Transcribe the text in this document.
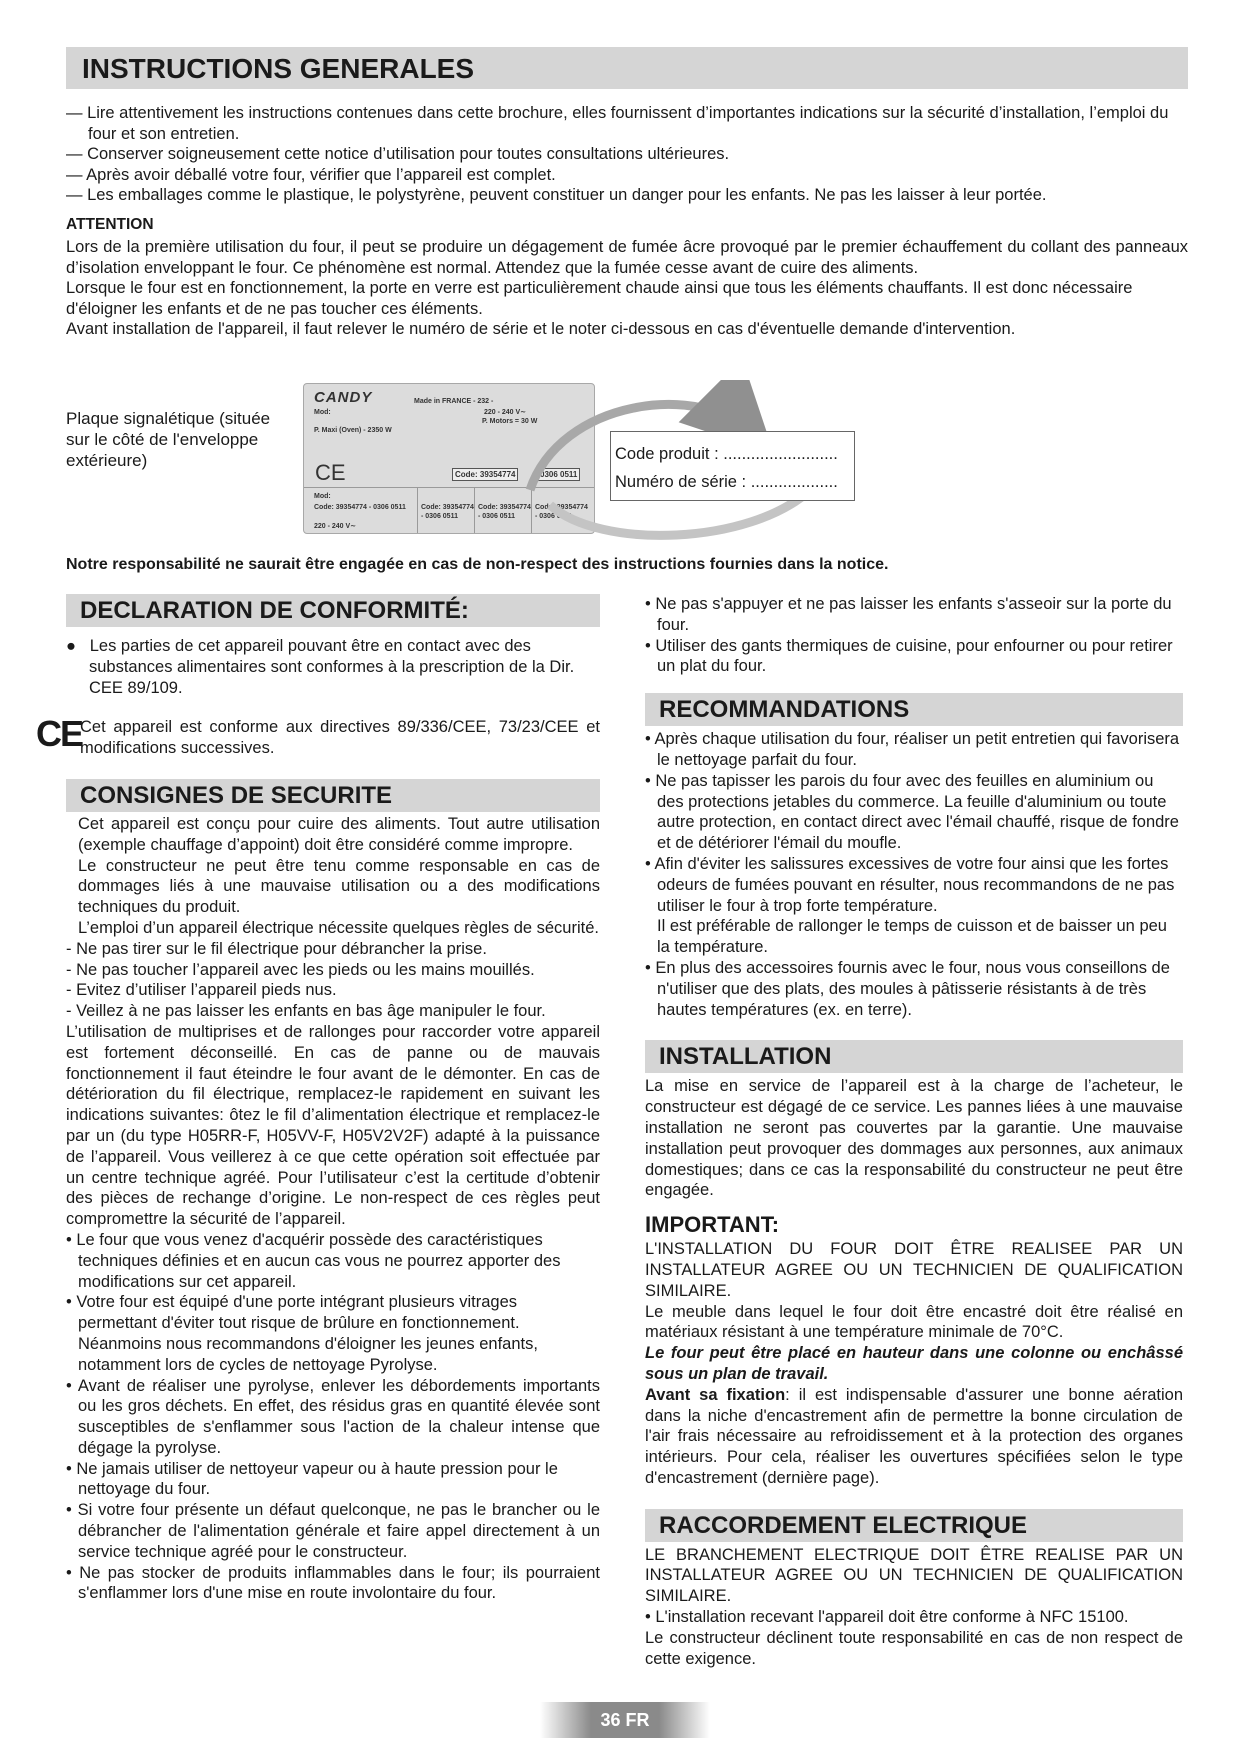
INSTRUCTIONS GENERALES

— Lire attentivement les instructions contenues dans cette brochure, elles fournissent d’importantes indications sur la sécurité d’installation, l’emploi du four et son entretien.

— Conserver soigneusement cette notice d’utilisation pour toutes consultations ultérieures.

— Après avoir déballé votre four, vérifier que l’appareil est complet.

— Les emballages comme le plastique, le polystyrène, peuvent constituer un danger pour les enfants. Ne pas les laisser à leur portée.

ATTENTION

Lors de la première utilisation du four, il peut se produire un dégagement de fumée âcre provoqué par le premier échauffement du collant des panneaux d’isolation enveloppant le four. Ce phénomène est normal. Attendez que la fumée cesse avant de cuire des aliments.

Lorsque le four est en fonctionnement, la porte en verre est particulièrement chaude ainsi que tous les éléments chauffants. Il est donc nécessaire d'éloigner les enfants et de ne pas toucher ces éléments.

Avant installation de l'appareil, il faut relever le numéro de série et le noter ci-dessous en cas d'éventuelle demande d'intervention.

Plaque signalétique (située sur le côté de l'enveloppe extérieure)
CANDY	Made in FRANCE - 232 -
Mod:	220 - 240 V∼
P. Maxi (Oven) - 2350 W
P. Motors = 30 W
CE	Code: 39354774	0306 0511
Mod:
Code: 39354774 - 0306 0511
220 - 240 V∼
Code: 39354774 - 0306 0511
Code: 39354774 - 0306 0511
Code: 39354774 - 0306 0511
Code produit : .........................
Numéro de série : ...................
Notre responsabilité ne saurait être engagée en cas de non-respect des instructions fournies dans la notice.
DECLARATION DE CONFORMITÉ:

●   Les parties de cet appareil pouvant être en contact avec des substances alimentaires sont conformes à la prescription de la Dir. CEE 89/109.

CE

Cet appareil est conforme aux directives 89/336/CEE, 73/23/CEE et modifications successives.

CONSIGNES DE SECURITE

Cet appareil est conçu pour cuire des aliments. Tout autre utilisation (exemple chauffage d’appoint) doit être considéré comme impropre.

Le constructeur ne peut être tenu comme responsable en cas de dommages liés à une mauvaise utilisation ou a des modifications techniques du produit.

L’emploi d’un appareil électrique nécessite quelques règles de sécurité.

- Ne pas tirer sur le fil électrique pour débrancher la prise.

- Ne pas toucher l’appareil avec les pieds ou les mains mouillés.

- Evitez d’utiliser l’appareil pieds nus.

- Veillez à ne pas laisser les enfants en bas âge manipuler le four.

L’utilisation de multiprises et de rallonges pour raccorder votre appareil est fortement déconseillé. En cas de panne ou de mauvais fonctionnement il faut éteindre le four avant de le démonter. En cas de détérioration du fil électrique, remplacez-le rapidement en suivant les indications suivantes: ôtez le fil d’alimentation électrique et remplacez-le par un (du type H05RR-F, H05VV-F, H05V2V2F) adapté à la puissance de l’appareil. Vous veillerez à ce que cette opération soit effectuée par un centre technique agréé. Pour l’utilisateur c’est la certitude d’obtenir des pièces de rechange d’origine. Le non-respect de ces règles peut compromettre la sécurité de l’appareil.

• Le four que vous venez d'acquérir possède des caractéristiques techniques définies et en aucun cas vous ne pourrez apporter des modifications sur cet appareil.

• Votre four est équipé d'une porte intégrant plusieurs vitrages permettant d'éviter tout risque de brûlure en fonctionnement. Néanmoins nous recommandons d'éloigner les jeunes enfants, notamment lors de cycles de nettoyage Pyrolyse.

• Avant de réaliser une pyrolyse, enlever les débordements importants ou les gros déchets. En effet, des résidus gras en quantité élevée sont susceptibles de s'enflammer sous l'action de la chaleur intense que dégage la pyrolyse.

• Ne jamais utiliser de nettoyeur vapeur ou à haute pression pour le nettoyage du four.

• Si votre four présente un défaut quelconque, ne pas le brancher ou le débrancher de l'alimentation générale et faire appel directement à un service technique agréé pour le constructeur.

• Ne pas stocker de produits inflammables dans le four; ils pourraient s'enflammer lors d'une mise en route involontaire du four.

• Ne pas s'appuyer et ne pas laisser les enfants s'asseoir sur la porte du four.

• Utiliser des gants thermiques de cuisine, pour enfourner ou pour retirer un plat du four.

RECOMMANDATIONS

• Après chaque utilisation du four, réaliser un petit entretien qui favorisera le nettoyage parfait du four.

• Ne pas tapisser les parois du four avec des feuilles en aluminium ou des protections jetables du commerce. La feuille d'aluminium ou toute autre protection, en contact direct avec l'émail chauffé, risque de fondre et de détériorer l'émail du moufle.

• Afin d'éviter les salissures excessives de votre four ainsi que les fortes odeurs de fumées pouvant en résulter, nous recommandons de ne pas utiliser le four à trop forte température.

Il est préférable de rallonger le temps de cuisson et de baisser un peu la température.

• En plus des accessoires fournis avec le four, nous vous conseillons de n'utiliser que des plats, des moules à pâtisserie résistants à de très hautes températures (ex. en terre).

INSTALLATION

La mise en service de l’appareil est à la charge de l’acheteur, le constructeur est dégagé de ce service. Les pannes liées à une mauvaise installation ne seront pas couvertes par la garantie. Une mauvaise installation peut provoquer des dommages aux personnes, aux animaux domestiques; dans ce cas la responsabilité du constructeur ne peut être engagée.

IMPORTANT:

L'INSTALLATION DU FOUR DOIT ÊTRE REALISEE PAR UN INSTALLATEUR AGREE OU UN TECHNICIEN DE QUALIFICATION SIMILAIRE.

Le meuble dans lequel le four doit être encastré doit être réalisé en matériaux résistant à une température minimale de 70°C.

Le four peut être placé en hauteur dans une colonne ou enchâssé sous un plan de travail.

Avant sa fixation: il est indispensable d'assurer une bonne aération dans la niche d'encastrement afin de permettre la bonne circulation de l'air frais nécessaire au refroidissement et à la protection des organes intérieurs. Pour cela, réaliser les ouvertures spécifiées selon le type d'encastrement (dernière page).

RACCORDEMENT ELECTRIQUE

LE BRANCHEMENT ELECTRIQUE DOIT ÊTRE REALISE PAR UN INSTALLATEUR AGREE OU UN TECHNICIEN DE QUALIFICATION SIMILAIRE.

• L'installation recevant l'appareil doit être conforme à NFC 15100.

Le constructeur déclinent toute responsabilité en cas de non respect de cette exigence.

36 FR
